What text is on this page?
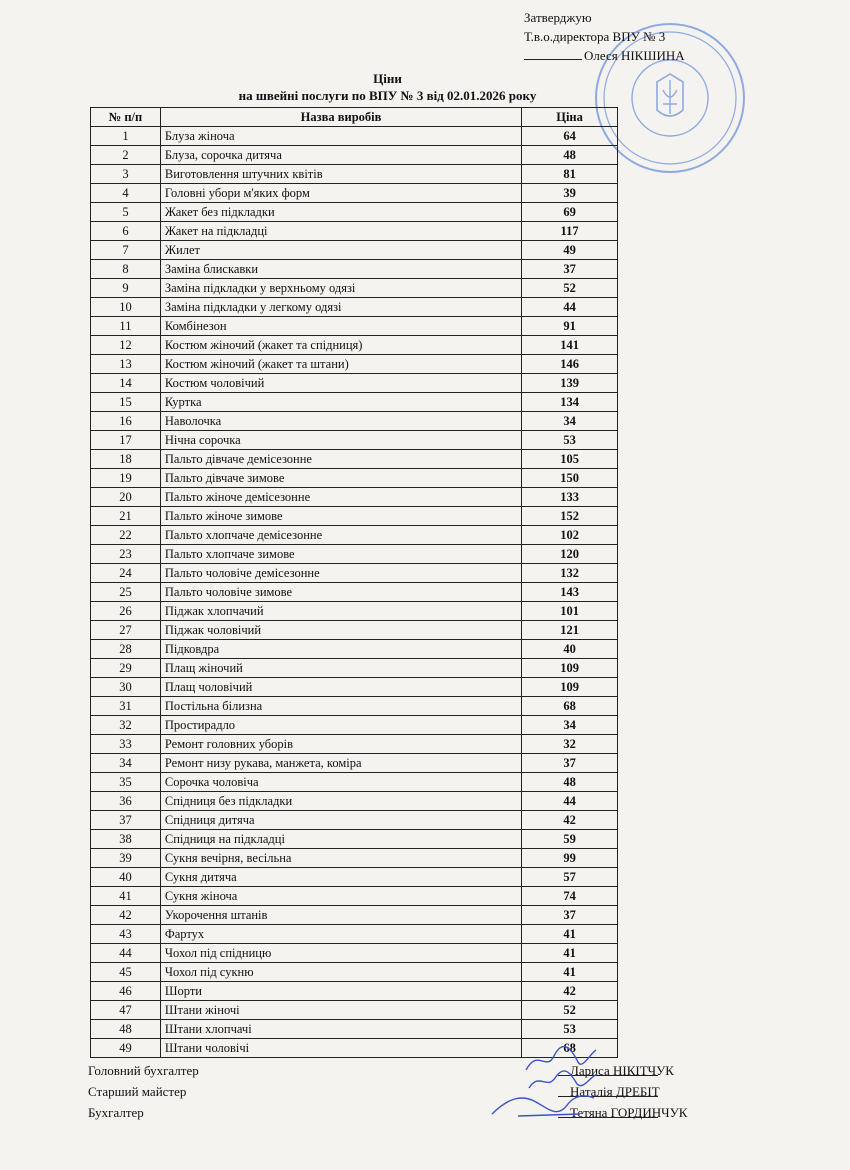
Затверджую
Т.в.о.директора ВПУ № 3
Олеся НІКШИНА
Ціни
на швейні послуги по ВПУ № 3 від 02.01.2026 року
№ п/п	Назва виробів	Ціна
1	Блуза жіноча	64
2	Блуза, сорочка дитяча	48
3	Виготовлення штучних квітів	81
4	Головні убори м'яких форм	39
5	Жакет без підкладки	69
6	Жакет на підкладці	117
7	Жилет	49
8	Заміна блискавки	37
9	Заміна підкладки у верхньому одязі	52
10	Заміна підкладки у легкому одязі	44
11	Комбінезон	91
12	Костюм жіночий (жакет та спідниця)	141
13	Костюм жіночий (жакет та штани)	146
14	Костюм чоловічий	139
15	Куртка	134
16	Наволочка	34
17	Нічна сорочка	53
18	Пальто дівчаче демісезонне	105
19	Пальто дівчаче зимове	150
20	Пальто жіноче демісезонне	133
21	Пальто жіноче зимове	152
22	Пальто хлопчаче демісезонне	102
23	Пальто хлопчаче зимове	120
24	Пальто чоловіче демісезонне	132
25	Пальто чоловіче зимове	143
26	Піджак хлопчачий	101
27	Піджак чоловічий	121
28	Підковдра	40
29	Плащ жіночий	109
30	Плащ чоловічий	109
31	Постільна білизна	68
32	Простирадло	34
33	Ремонт головних уборів	32
34	Ремонт низу рукава, манжета, коміра	37
35	Сорочка чоловіча	48
36	Спідниця без підкладки	44
37	Спідниця дитяча	42
38	Спідниця на підкладці	59
39	Сукня вечірня, весільна	99
40	Сукня дитяча	57
41	Сукня жіноча	74
42	Укорочення штанів	37
43	Фартух	41
44	Чохол під спідницю	41
45	Чохол під сукню	41
46	Шорти	42
47	Штани жіночі	52
48	Штани хлопчачі	53
49	Штани чоловічі	68
Головний бухгалтер	Лариса НІКІТЧУК
Старший майстер	Наталія ДРЕБІТ
Бухгалтер	Тетяна ГОРДИНЧУК
